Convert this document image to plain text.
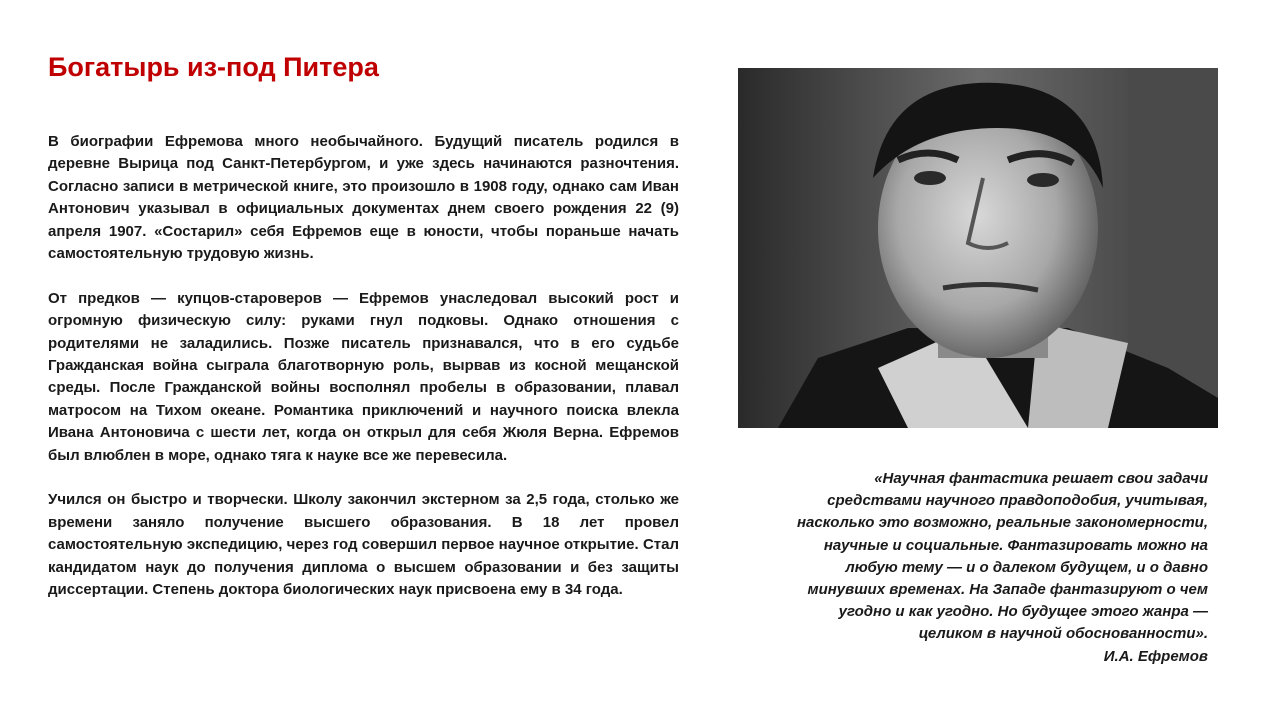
Богатырь из-под Питера

В биографии Ефремова много необычайного. Будущий писатель родился в деревне Вырица под Санкт-Петербургом, и уже здесь начинаются разночтения. Согласно записи в метрической книге, это произошло в 1908 году, однако сам Иван Антонович указывал в официальных документах днем своего рождения 22 (9) апреля 1907. «Состарил» себя Ефремов еще в юности, чтобы пораньше начать самостоятельную трудовую жизнь.

От предков — купцов-староверов — Ефремов унаследовал высокий рост и огромную физическую силу: руками гнул подковы. Однако отношения с родителями не заладились. Позже писатель признавался, что в его судьбе Гражданская война сыграла благотворную роль, вырвав из косной мещанской среды. После Гражданской войны восполнял пробелы в образовании, плавал матросом на Тихом океане. Романтика приключений и научного поиска влекла Ивана Антоновича с шести лет, когда он открыл для себя Жюля Верна. Ефремов был влюблен в море, однако тяга к науке все же перевесила.

Учился он быстро и творчески. Школу закончил экстерном за 2,5 года, столько же времени заняло получение высшего образования. В 18 лет провел самостоятельную экспедицию, через год совершил первое научное открытие. Стал кандидатом наук до получения диплома о высшем образовании и без защиты диссертации. Степень доктора биологических наук присвоена ему в 34 года.

«Научная фантастика решает свои задачи
средствами научного правдоподобия, учитывая,
насколько это возможно, реальные закономерности,
научные и социальные. Фантазировать можно на
любую тему — и о далеком будущем, и о давно
минувших временах. На Западе фантазируют о чем
угодно и как угодно. Но будущее этого жанра —
целиком в научной обоснованности».
И.А. Ефремов
